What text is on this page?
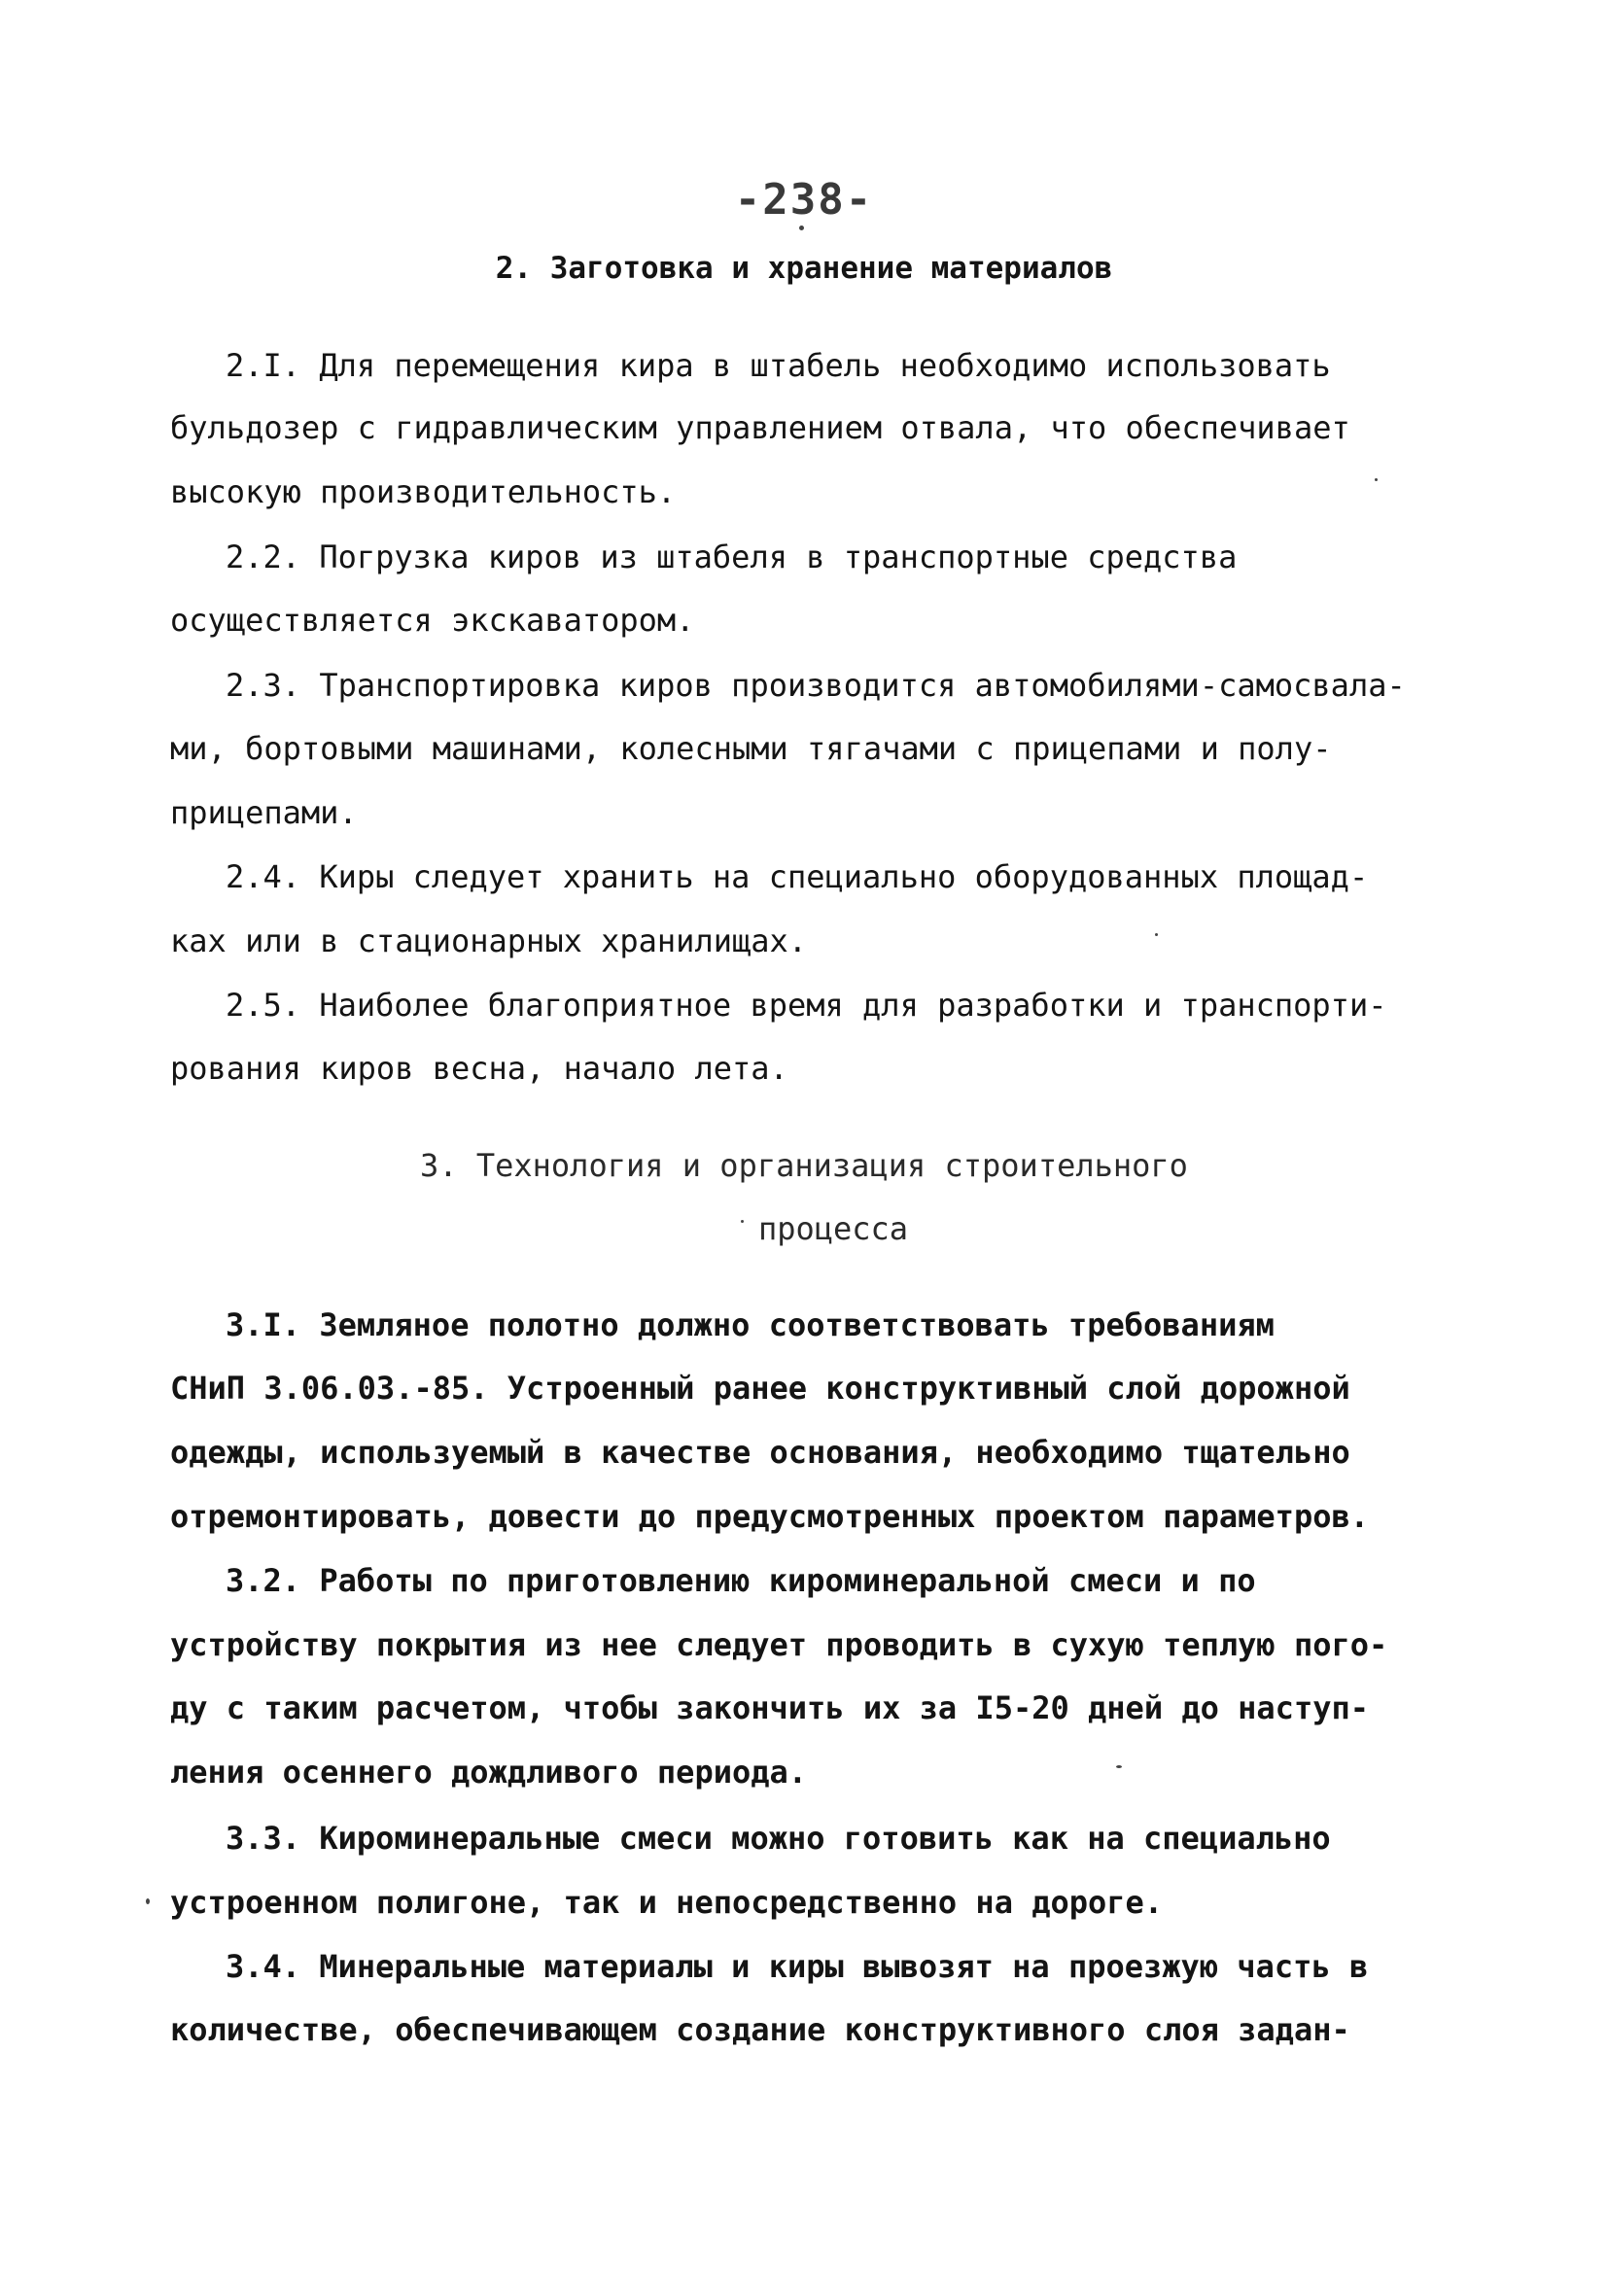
-238-
2. Заготовка и хранение материалов
2.I. Для перемещения кира в штабель необходимо использовать
бульдозер с гидравлическим управлением отвала, что обеспечивает
высокую производительность.
2.2. Погрузка киров из штабеля в транспортные средства
осуществляется экскаватором.
2.3. Транспортировка киров производится автомобилями-самосвала-
ми, бортовыми машинами, колесными тягачами с прицепами и полу-
прицепами.
2.4. Киры следует хранить на специально оборудованных площад-
ках или в стационарных хранилищах.
2.5. Наиболее благоприятное время для разработки и транспорти-
рования киров весна, начало лета.
3. Технология и организация строительного
процесса
3.I. Земляное полотно должно соответствовать требованиям
СНиП 3.06.03.-85. Устроенный ранее конструктивный слой дорожной
одежды, используемый в качестве основания, необходимо тщательно
отремонтировать, довести до предусмотренных проектом параметров.
3.2. Работы по приготовлению кироминеральной смеси и по
устройству покрытия из нее следует проводить в сухую теплую пого-
ду с таким расчетом, чтобы закончить их за I5-20 дней до наступ-
ления осеннего дождливого периода.
3.3. Кироминеральные смеси можно готовить как на специально
устроенном полигоне, так и непосредственно на дороге.
3.4. Минеральные материалы и киры вывозят на проезжую часть в
количестве, обеспечивающем создание конструктивного слоя задан-
